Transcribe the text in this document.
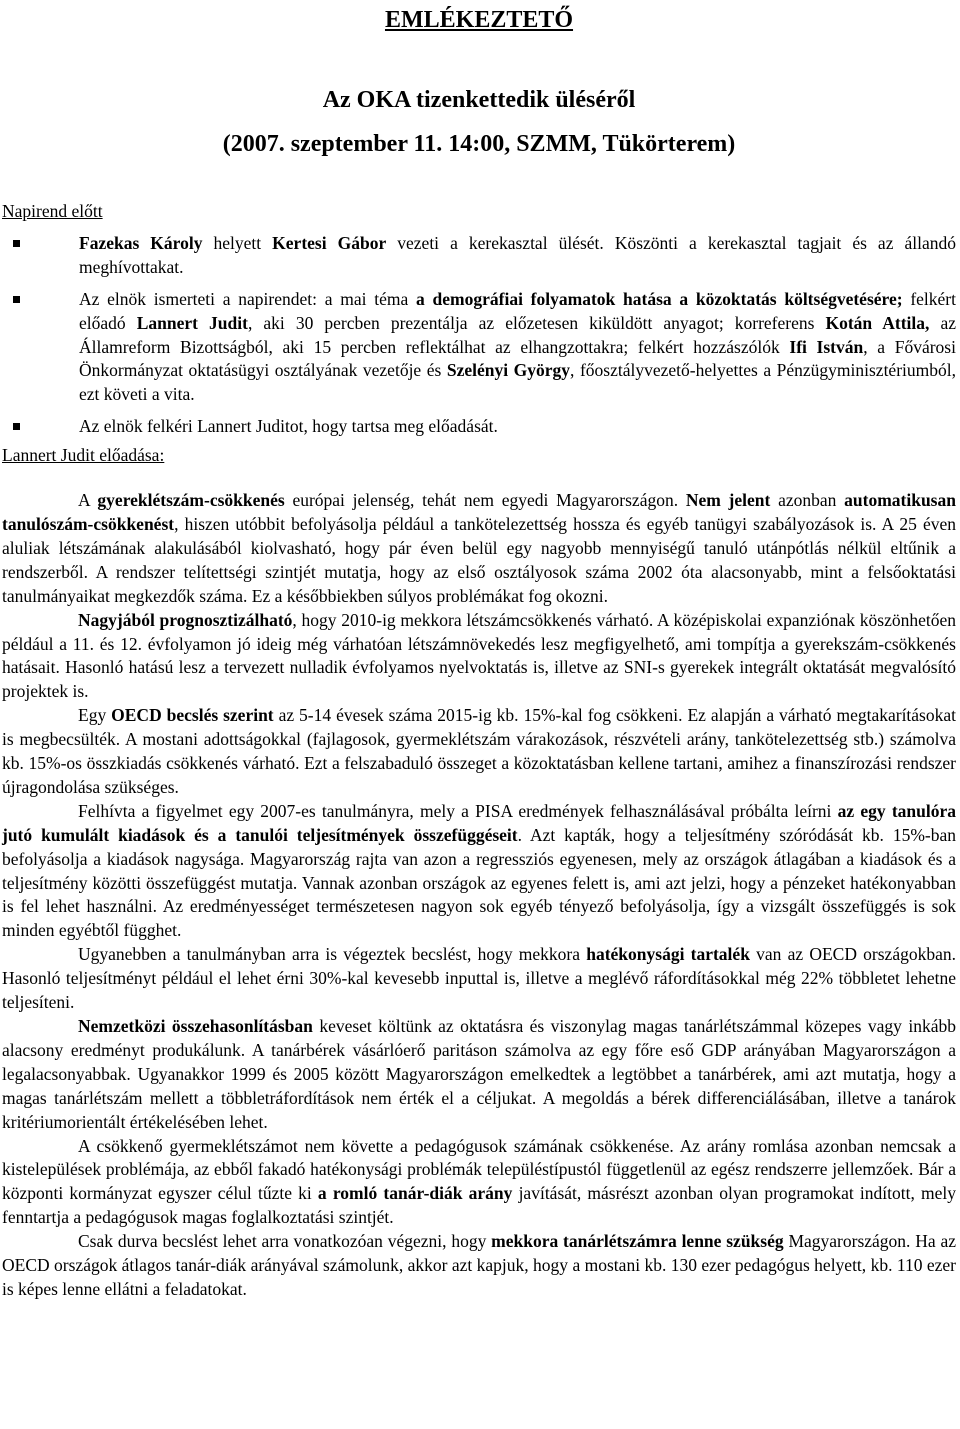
EMLÉKEZTETŐ
Az OKA tizenkettedik üléséről
(2007. szeptember 11. 14:00, SZMM, Tükörterem)
Napirend előtt
Fazekas Károly helyett Kertesi Gábor vezeti a kerekasztal ülését. Köszönti a kerekasztal tagjait és az állandó meghívottakat.
Az elnök ismerteti a napirendet: a mai téma a demográfiai folyamatok hatása a közoktatás költségvetésére; felkért előadó Lannert Judit, aki 30 percben prezentálja az előzetesen kiküldött anyagot; korreferens Kotán Attila, az Államreform Bizottságból, aki 15 percben reflektálhat az elhangzottakra; felkért hozzászólók Ifi István, a Fővárosi Önkormányzat oktatásügyi osztályának vezetője és Szelényi György, főosztályvezető-helyettes a Pénzügyminisztériumból, ezt követi a vita.
Az elnök felkéri Lannert Juditot, hogy tartsa meg előadását.
Lannert Judit előadása:

A gyereklétszám-csökkenés európai jelenség, tehát nem egyedi Magyarországon. Nem jelent azonban automatikusan tanulószám-csökkenést, hiszen utóbbit befolyásolja például a tankötelezettség hossza és egyéb tanügyi szabályozások is. A 25 éven aluliak létszámának alakulásából kiolvasható, hogy pár éven belül egy nagyobb mennyiségű tanuló utánpótlás nélkül eltűnik a rendszerből. A rendszer telítettségi szintjét mutatja, hogy az első osztályosok száma 2002 óta alacsonyabb, mint a felsőoktatási tanulmányaikat megkezdők száma. Ez a későbbiekben súlyos problémákat fog okozni.

Nagyjából prognosztizálható, hogy 2010-ig mekkora létszámcsökkenés várható. A középiskolai expanziónak köszönhetően például a 11. és 12. évfolyamon jó ideig még várhatóan létszámnövekedés lesz megfigyelhető, ami tompítja a gyerekszám-csökkenés hatásait. Hasonló hatású lesz a tervezett nulladik évfolyamos nyelvoktatás is, illetve az SNI-s gyerekek integrált oktatását megvalósító projektek is.

Egy OECD becslés szerint az 5-14 évesek száma 2015-ig kb. 15%-kal fog csökkeni. Ez alapján a várható megtakarításokat is megbecsülték. A mostani adottságokkal (fajlagosok, gyermeklétszám várakozások, részvételi arány, tankötelezettség stb.) számolva kb. 15%-os összkiadás csökkenés várható. Ezt a felszabaduló összeget a közoktatásban kellene tartani, amihez a finanszírozási rendszer újragondolása szükséges.

Felhívta a figyelmet egy 2007-es tanulmányra, mely a PISA eredmények felhasználásával próbálta leírni az egy tanulóra jutó kumulált kiadások és a tanulói teljesítmények összefüggéseit. Azt kapták, hogy a teljesítmény szóródását kb. 15%-ban befolyásolja a kiadások nagysága. Magyarország rajta van azon a regressziós egyenesen, mely az országok átlagában a kiadások és a teljesítmény közötti összefüggést mutatja. Vannak azonban országok az egyenes felett is, ami azt jelzi, hogy a pénzeket hatékonyabban is fel lehet használni. Az eredményességet természetesen nagyon sok egyéb tényező befolyásolja, így a vizsgált összefüggés is sok minden egyébtől függhet.

Ugyanebben a tanulmányban arra is végeztek becslést, hogy mekkora hatékonysági tartalék van az OECD országokban. Hasonló teljesítményt például el lehet érni 30%-kal kevesebb inputtal is, illetve a meglévő ráfordításokkal még 22% többletet lehetne teljesíteni.

Nemzetközi összehasonlításban keveset költünk az oktatásra és viszonylag magas tanárlétszámmal közepes vagy inkább alacsony eredményt produkálunk. A tanárbérek vásárlóerő paritáson számolva az egy főre eső GDP arányában Magyarországon a legalacsonyabbak. Ugyanakkor 1999 és 2005 között Magyarországon emelkedtek a legtöbbet a tanárbérek, ami azt mutatja, hogy a magas tanárlétszám mellett a többletráfordítások nem érték el a céljukat. A megoldás a bérek differenciálásában, illetve a tanárok kritériumorientált értékelésében lehet.

A csökkenő gyermeklétszámot nem követte a pedagógusok számának csökkenése. Az arány romlása azonban nemcsak a kistelepülések problémája, az ebből fakadó hatékonysági problémák településtípustól függetlenül az egész rendszerre jellemzőek. Bár a központi kormányzat egyszer célul tűzte ki a romló tanár-diák arány javítását, másrészt azonban olyan programokat indított, mely fenntartja a pedagógusok magas foglalkoztatási szintjét.

Csak durva becslést lehet arra vonatkozóan végezni, hogy mekkora tanárlétszámra lenne szükség Magyarországon. Ha az OECD országok átlagos tanár-diák arányával számolunk, akkor azt kapjuk, hogy a mostani kb. 130 ezer pedagógus helyett, kb. 110 ezer is képes lenne ellátni a feladatokat.
